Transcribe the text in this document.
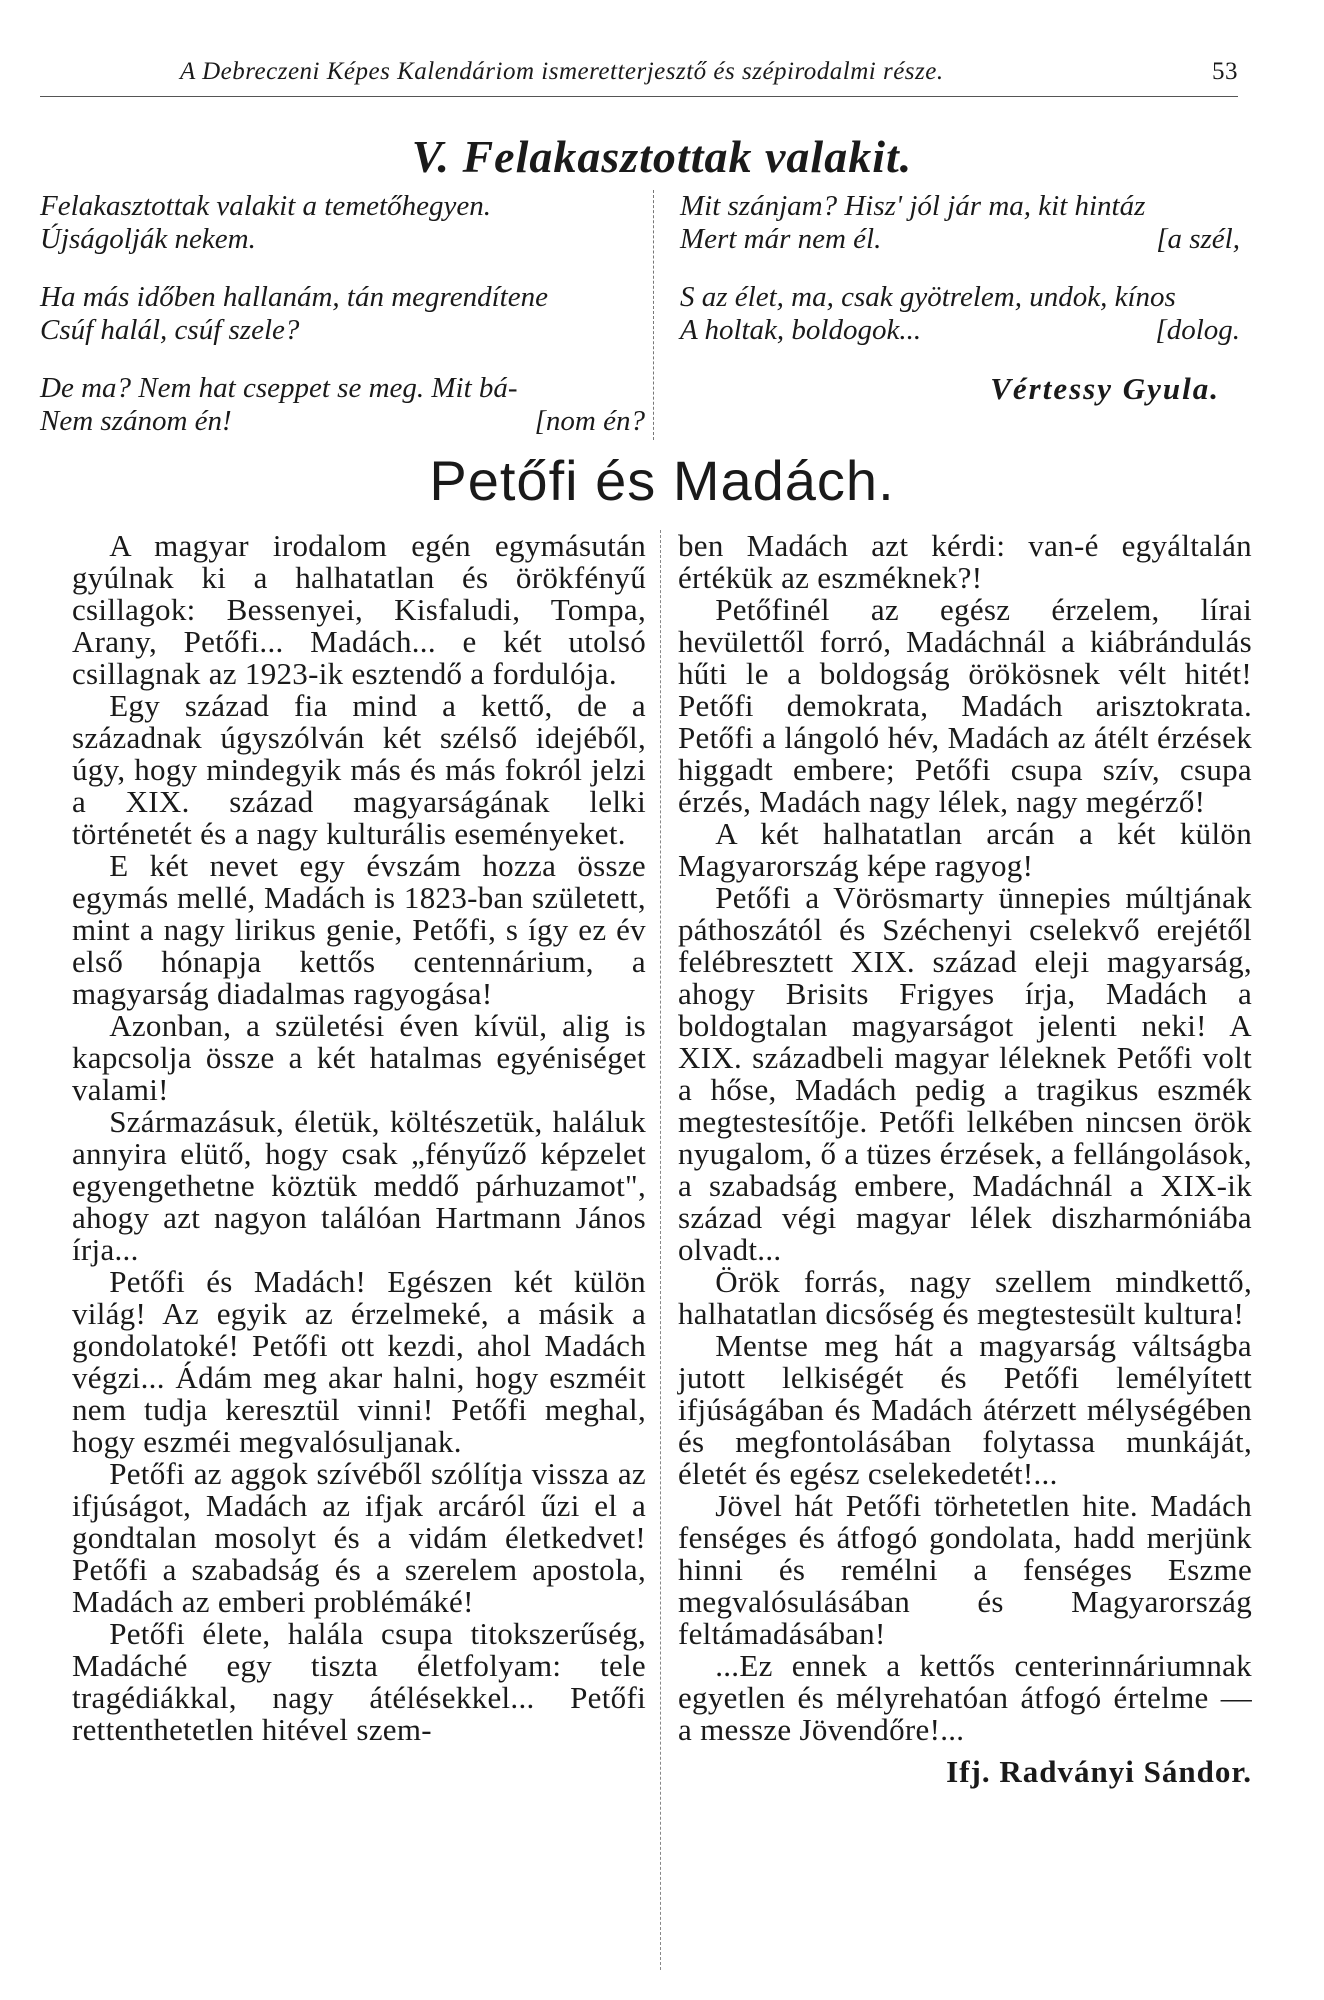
A Debreczeni Képes Kalendáriom ismeretterjesztő és szépirodalmi része.	53
V. Felakasztottak valakit.
Felakasztottak valakit a temetőhegyen.
Újságolják nekem.
Ha más időben hallanám, tán megrendítene
Csúf halál, csúf szele?
De ma? Nem hat cseppet se meg. Mit bá-
Nem szánom én!	[nom én?
Mit szánjam? Hisz' jól jár ma, kit hintáz
Mert már nem él.	[a szél,
S az élet, ma, csak gyötrelem, undok, kínos
A holtak, boldogok...	[dolog.
Vértessy Gyula.
Petőfi és Madách.

A magyar irodalom egén egymásután gyúlnak ki a halhatatlan és örökfényű csillagok: Bessenyei, Kisfaludi, Tompa, Arany, Petőfi... Madách... e két utolsó csillagnak az 1923-ik esztendő a fordulója.

Egy század fia mind a kettő, de a századnak úgyszólván két szélső idejéből, úgy, hogy mindegyik más és más fokról jelzi a XIX. század magyarságának lelki történetét és a nagy kulturális eseményeket.

E két nevet egy évszám hozza össze egymás mellé, Madách is 1823-ban született, mint a nagy lirikus genie, Petőfi, s így ez év első hónapja kettős centennárium, a magyarság diadalmas ragyogása!

Azonban, a születési éven kívül, alig is kapcsolja össze a két hatalmas egyéniséget valami!

Származásuk, életük, költészetük, haláluk annyira elütő, hogy csak „fényűző képzelet egyengethetne köztük meddő párhuzamot", ahogy azt nagyon találóan Hartmann János írja...

Petőfi és Madách! Egészen két külön világ! Az egyik az érzelmeké, a másik a gondolatoké! Petőfi ott kezdi, ahol Madách végzi... Ádám meg akar halni, hogy eszméit nem tudja keresztül vinni! Petőfi meghal, hogy eszméi megvalósuljanak.

Petőfi az aggok szívéből szólítja vissza az ifjúságot, Madách az ifjak arcáról űzi el a gondtalan mosolyt és a vidám életkedvet! Petőfi a szabadság és a szerelem apostola, Madách az emberi problémáké!

Petőfi élete, halála csupa titokszerűség, Madáché egy tiszta életfolyam: tele tragédiákkal, nagy átélésekkel... Petőfi rettenthetetlen hitével szem-

ben Madách azt kérdi: van-é egyáltalán értékük az eszméknek?!

Petőfinél az egész érzelem, lírai hevülettől forró, Madáchnál a kiábrándulás hűti le a boldogság örökösnek vélt hitét! Petőfi demokrata, Madách arisztokrata. Petőfi a lángoló hév, Madách az átélt érzések higgadt embere; Petőfi csupa szív, csupa érzés, Madách nagy lélek, nagy megérző!

A két halhatatlan arcán a két külön Magyarország képe ragyog!

Petőfi a Vörösmarty ünnepies múltjának páthoszától és Széchenyi cselekvő erejétől felébresztett XIX. század eleji magyarság, ahogy Brisits Frigyes írja, Madách a boldogtalan magyarságot jelenti neki! A XIX. századbeli magyar léleknek Petőfi volt a hőse, Madách pedig a tragikus eszmék megtestesítője. Petőfi lelkében nincsen örök nyugalom, ő a tüzes érzések, a fellángolások, a szabadság embere, Madáchnál a XIX-ik század végi magyar lélek diszharmóniába olvadt...

Örök forrás, nagy szellem mindkettő, halhatatlan dicsőség és megtestesült kultura!

Mentse meg hát a magyarság váltságba jutott lelkiségét és Petőfi lemélyített ifjúságában és Madách átérzett mélységében és megfontolásában folytassa munkáját, életét és egész cselekedetét!...

Jövel hát Petőfi törhetetlen hite. Madách fenséges és átfogó gondolata, hadd merjünk hinni és remélni a fenséges Eszme megvalósulásában és Magyarország feltámadásában!

...Ez ennek a kettős centerinnáriumnak egyetlen és mélyrehatóan átfogó értelme — a messze Jövendőre!...

Ifj. Radványi Sándor.
